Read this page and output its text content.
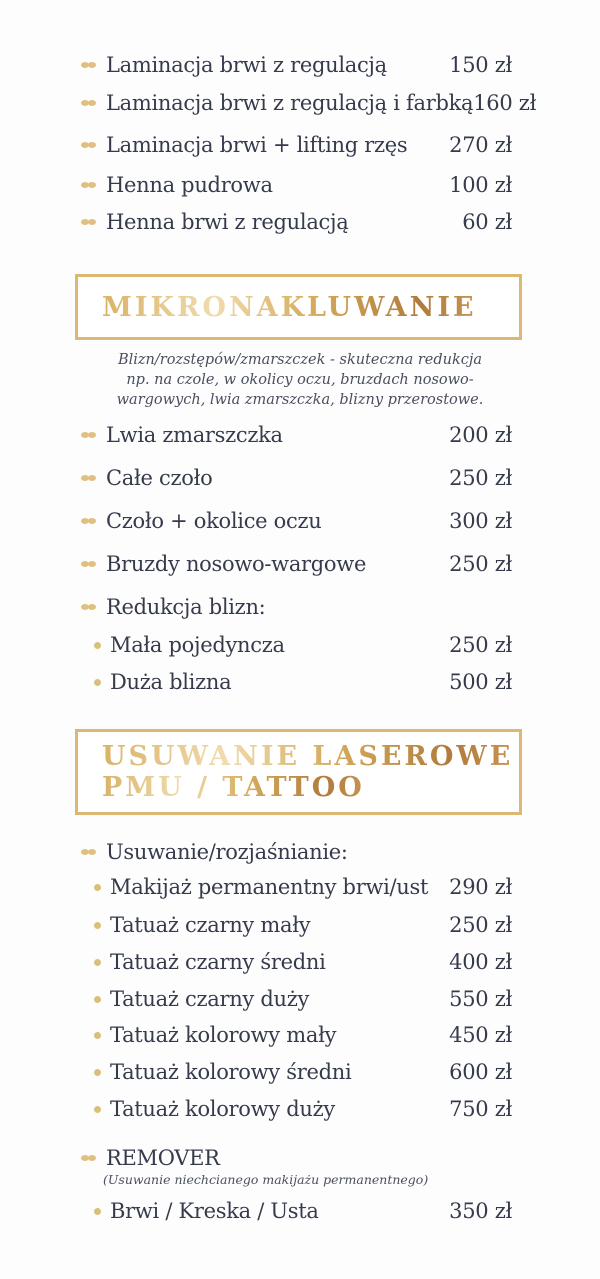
Laminacja brwi z regulacją	150 zł
Laminacja brwi z regulacją i farbką 160 zł
Laminacja brwi + lifting rzęs 270 zł
Henna pudrowa	100 zł
Henna brwi z regulacją	60 zł
MIKRONAKLUWANIE
Blizn/rozstępów/zmarszczek - skuteczna redukcja
np. na czole, w okolicy oczu, bruzdach nosowo-
wargowych, lwia zmarszczka, blizny przerostowe.
Lwia zmarszczka	200 zł
Całe czoło	250 zł
Czoło + okolice oczu	300 zł
Bruzdy nosowo-wargowe	250 zł
Redukcja blizn:
Mała pojedyncza	250 zł
Duża blizna	500 zł
USUWANIE LASEROWE
PMU / TATTOO
Usuwanie/rozjaśnianie:
Makijaż permanentny brwi/ust 290 zł
Tatuaż czarny mały	250 zł
Tatuaż czarny średni	400 zł
Tatuaż czarny duży	550 zł
Tatuaż kolorowy mały	450 zł
Tatuaż kolorowy średni	600 zł
Tatuaż kolorowy duży	750 zł
REMOVER
(Usuwanie niechcianego makijażu permanentnego)
Brwi / Kreska / Usta	350 zł
